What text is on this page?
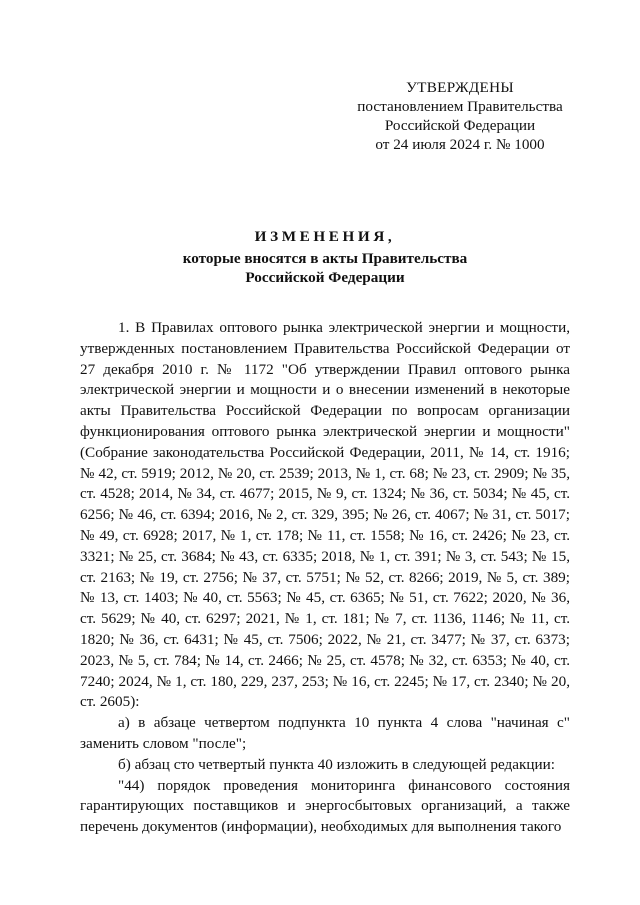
УТВЕРЖДЕНЫ
постановлением Правительства
Российской Федерации
от 24 июля 2024 г. № 1000
ИЗМЕНЕНИЯ,
которые вносятся в акты Правительства
Российской Федерации

1. В Правилах оптового рынка электрической энергии и мощности, утвержденных постановлением Правительства Российской Федерации от 27 декабря 2010 г. № 1172 "Об утверждении Правил оптового рынка электрической энергии и мощности и о внесении изменений в некоторые акты Правительства Российской Федерации по вопросам организации функционирования оптового рынка электрической энергии и мощности" (Собрание законодательства Российской Федерации, 2011, № 14, ст. 1916; № 42, ст. 5919; 2012, № 20, ст. 2539; 2013, № 1, ст. 68; № 23, ст. 2909; № 35, ст. 4528; 2014, № 34, ст. 4677; 2015, № 9, ст. 1324; № 36, ст. 5034; № 45, ст. 6256; № 46, ст. 6394; 2016, № 2, ст. 329, 395; № 26, ст. 4067; № 31, ст. 5017; № 49, ст. 6928; 2017, № 1, ст. 178; № 11, ст. 1558; № 16, ст. 2426; № 23, ст. 3321; № 25, ст. 3684; № 43, ст. 6335; 2018, № 1, ст. 391; № 3, ст. 543; № 15, ст. 2163; № 19, ст. 2756; № 37, ст. 5751; № 52, ст. 8266; 2019, № 5, ст. 389; № 13, ст. 1403; № 40, ст. 5563; № 45, ст. 6365; № 51, ст. 7622; 2020, № 36, ст. 5629; № 40, ст. 6297; 2021, № 1, ст. 181; № 7, ст. 1136, 1146; № 11, ст. 1820; № 36, ст. 6431; № 45, ст. 7506; 2022, № 21, ст. 3477; № 37, ст. 6373; 2023, № 5, ст. 784; № 14, ст. 2466; № 25, ст. 4578; № 32, ст. 6353; № 40, ст. 7240; 2024, № 1, ст. 180, 229, 237, 253; № 16, ст. 2245; № 17, ст. 2340; № 20, ст. 2605):

а) в абзаце четвертом подпункта 10 пункта 4 слова "начиная с" заменить словом "после";

б) абзац сто четвертый пункта 40 изложить в следующей редакции:

"44) порядок проведения мониторинга финансового состояния гарантирующих поставщиков и энергосбытовых организаций, а также перечень документов (информации), необходимых для выполнения такого
